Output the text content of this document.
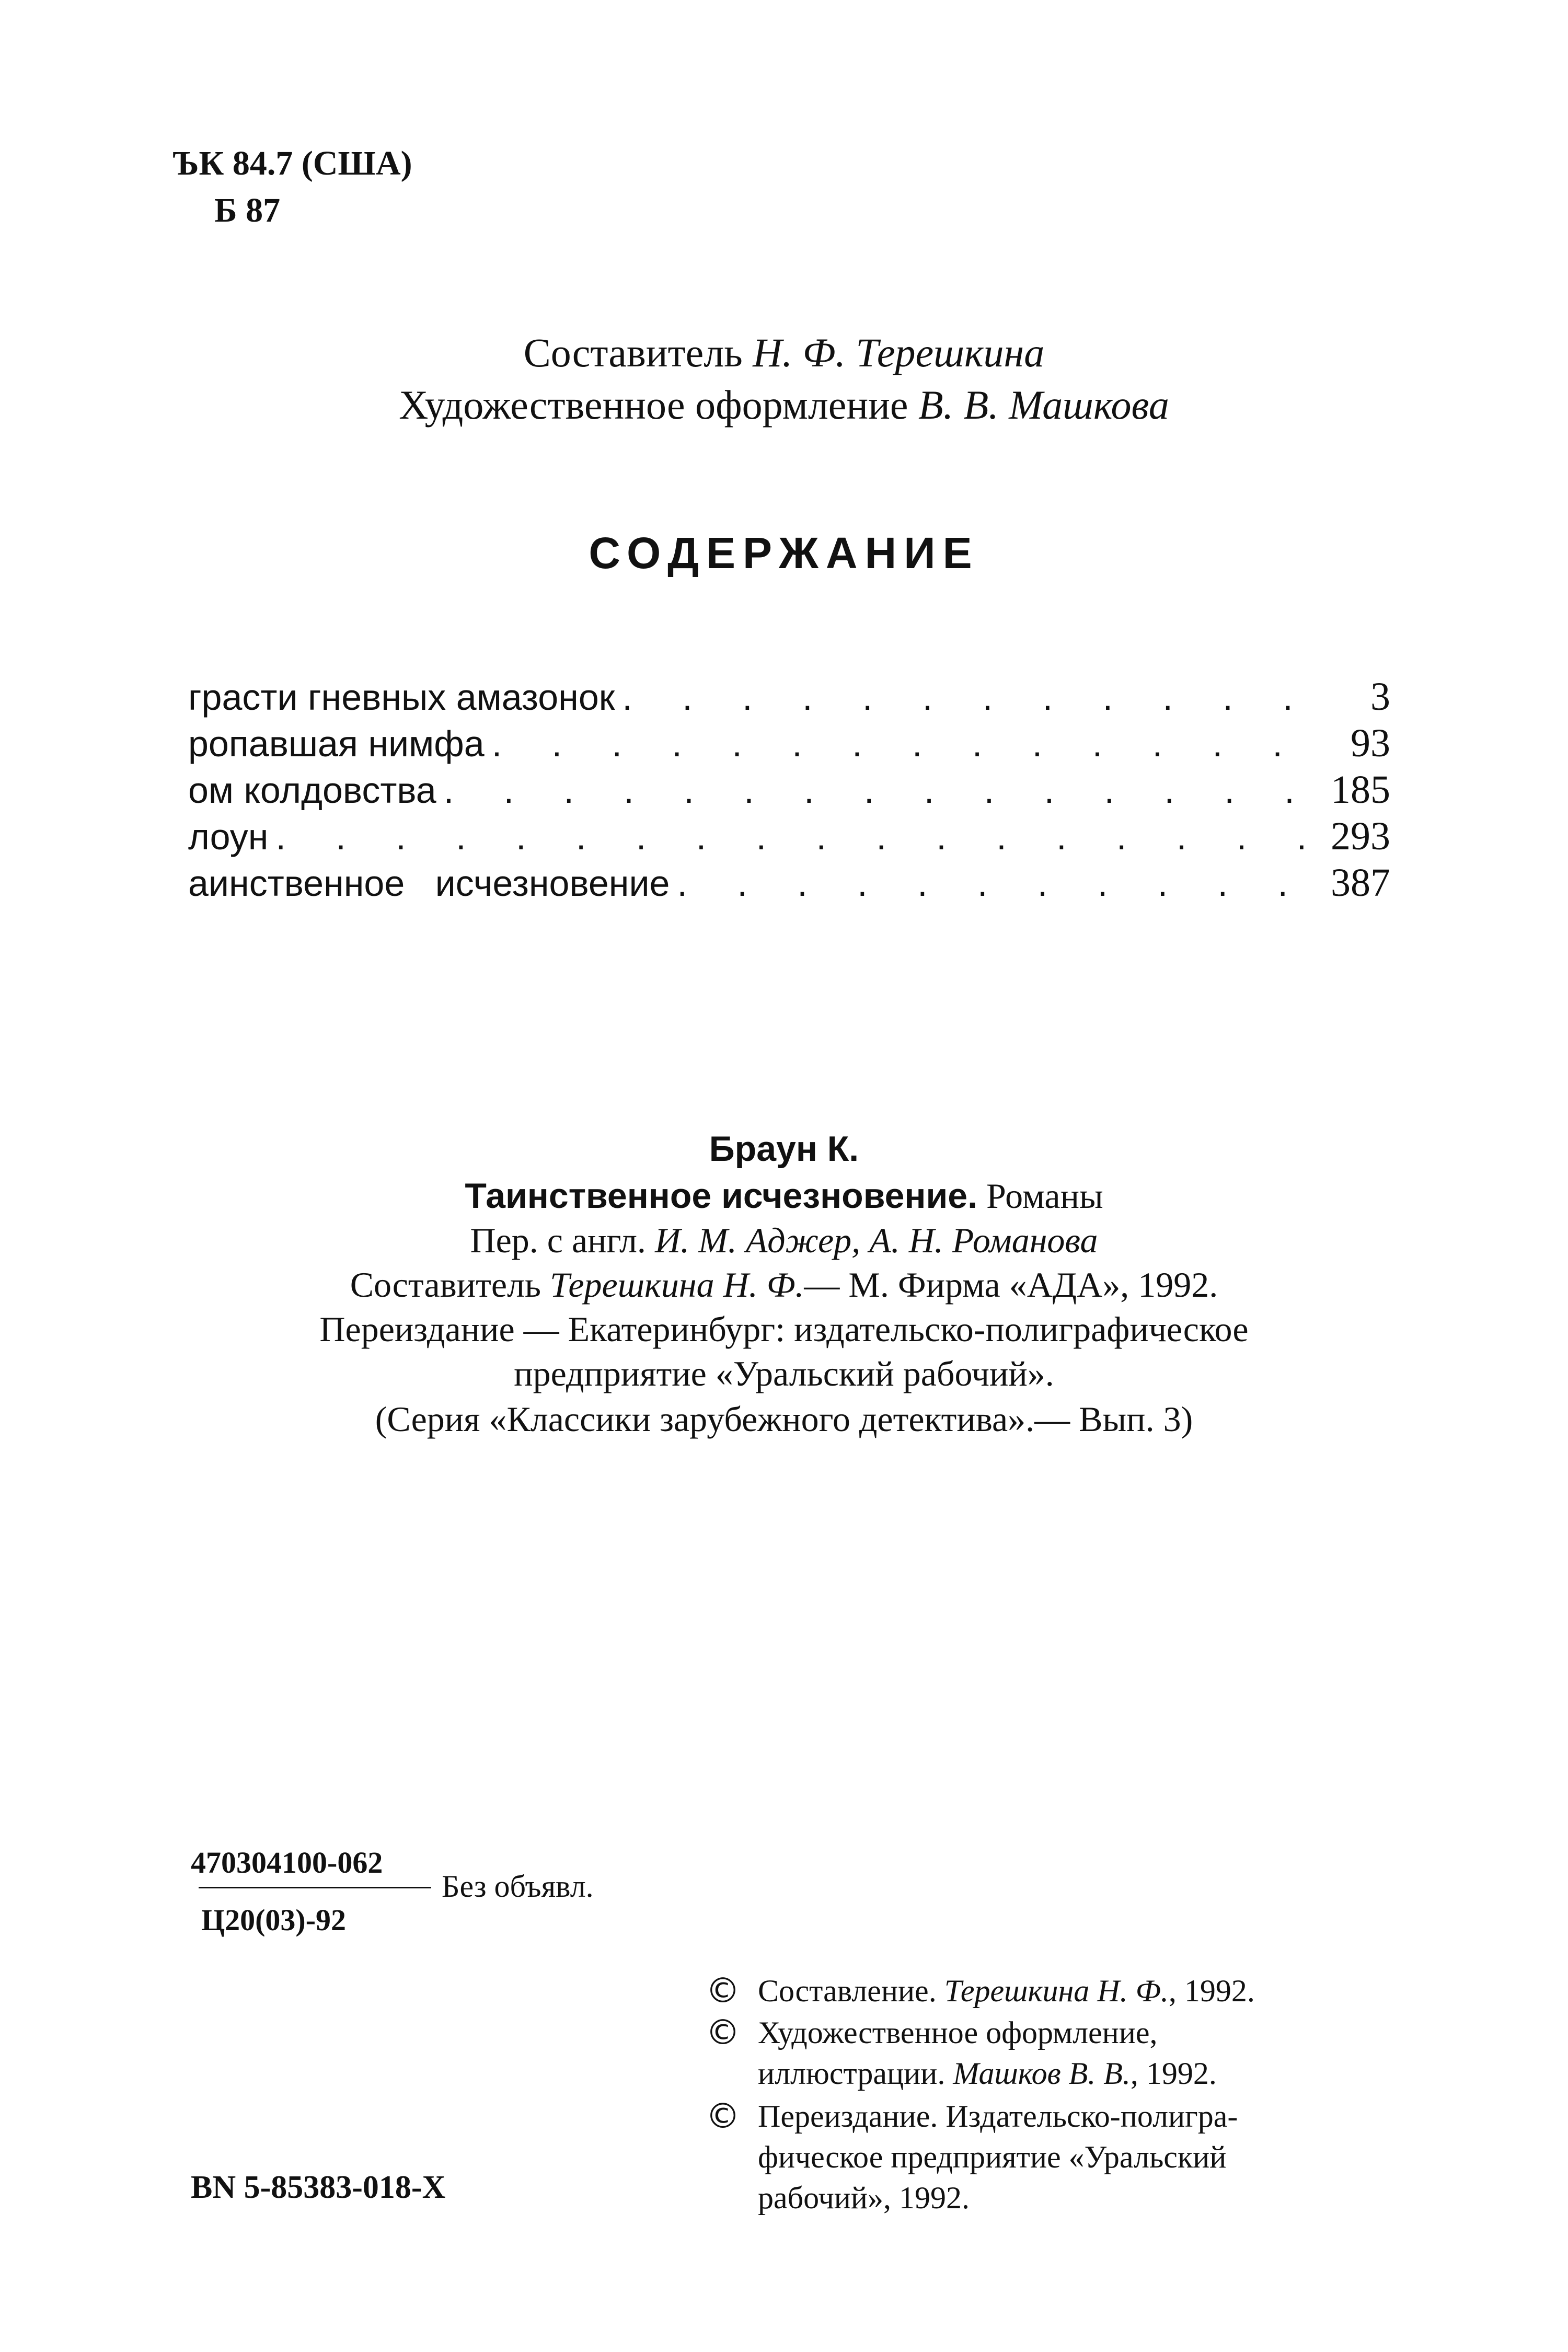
ЪК 84.7 (США)
Б 87
Составитель Н. Ф. Терешкина
Художественное оформление В. В. Машкова
СОДЕРЖАНИЕ
грасти гневных амазонок . . .	3
ропавшая нимфа . . .	93
ом колдовства . . .	185
лоун . . .	293
аинственное   исчезновение . . .	387
Браун К.
Таинственное исчезновение. Романы
Пер. с англ. И. М. Аджер, А. Н. Романова
Составитель Терешкина Н. Ф.— М. Фирма «АДА», 1992.
Переиздание — Екатеринбург: издательско-полиграфическое
предприятие «Уральский рабочий».
(Серия «Классики зарубежного детектива».— Вып. 3)
470304100-062
Ц20(03)-92
Без объявл.
© Составление. Терешкина Н. Ф., 1992.
© Художественное оформление,
иллюстрации. Машков В. В., 1992.
© Переиздание. Издательско-полигра-
фическое предприятие «Уральский
рабочий», 1992.
ВN 5-85383-018-X
